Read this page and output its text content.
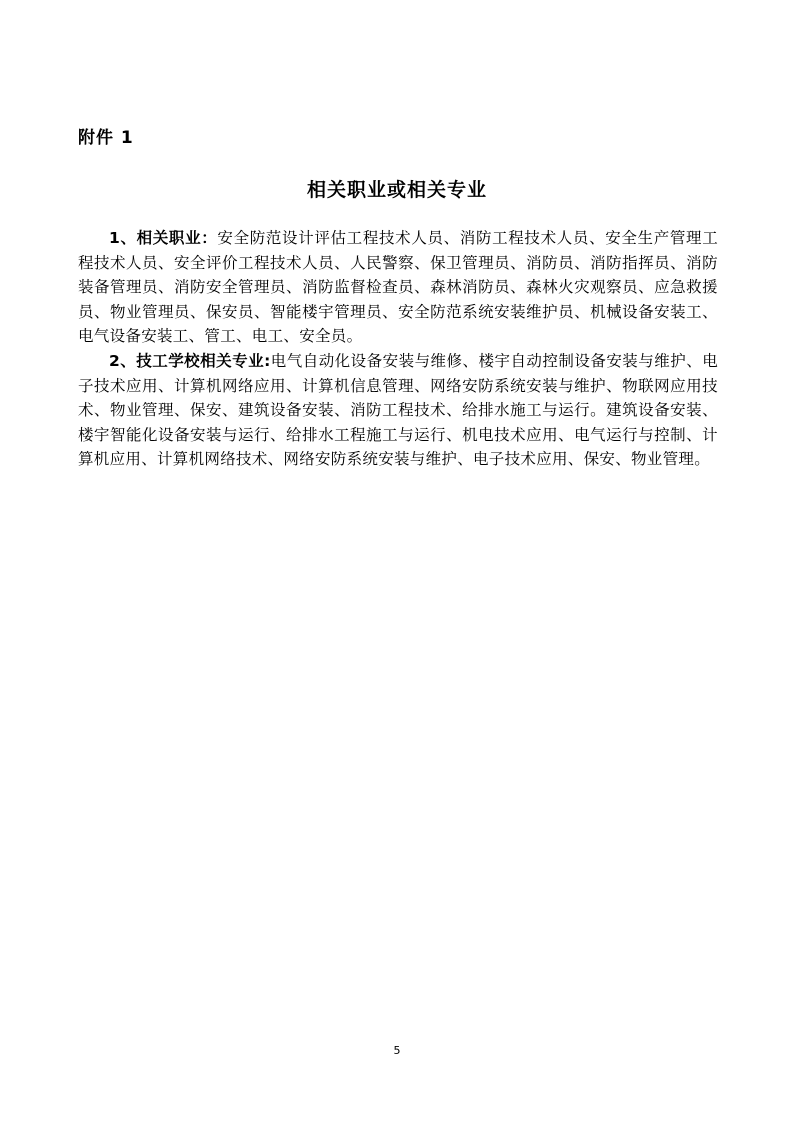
附件 1
相关职业或相关专业

1、相关职业：安全防范设计评估工程技术人员、消防工程技术人员、安全生产管理工程技术人员、安全评价工程技术人员、人民警察、保卫管理员、消防员、消防指挥员、消防装备管理员、消防安全管理员、消防监督检查员、森林消防员、森林火灾观察员、应急救援员、物业管理员、保安员、智能楼宇管理员、安全防范系统安装维护员、机械设备安装工、电气设备安装工、管工、电工、安全员。

2、技工学校相关专业:电气自动化设备安装与维修、楼宇自动控制设备安装与维护、电子技术应用、计算机网络应用、计算机信息管理、网络安防系统安装与维护、物联网应用技术、物业管理、保安、建筑设备安装、消防工程技术、给排水施工与运行。建筑设备安装、楼宇智能化设备安装与运行、给排水工程施工与运行、机电技术应用、电气运行与控制、计算机应用、计算机网络技术、网络安防系统安装与维护、电子技术应用、保安、物业管理。

5
